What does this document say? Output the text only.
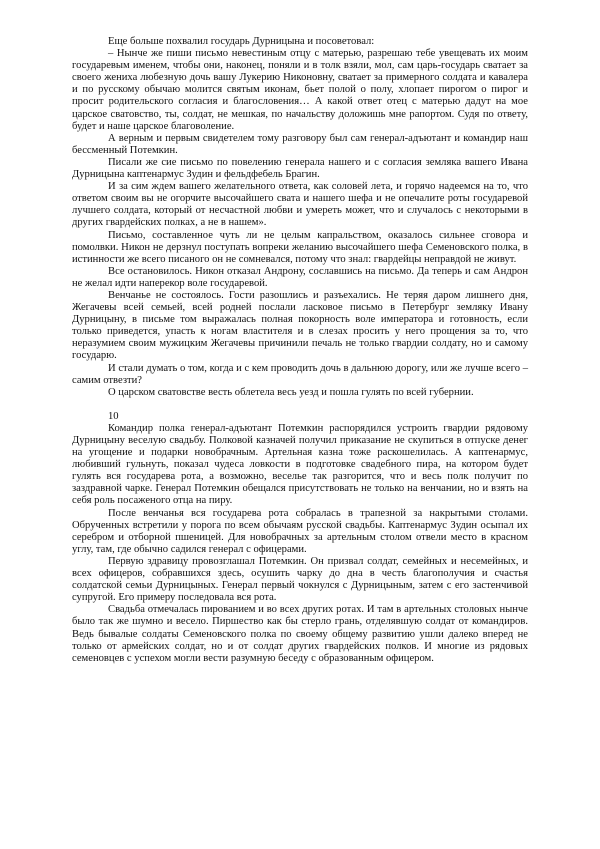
Еще больше похвалил государь Дурницына и посоветовал:

– Нынче же пиши письмо невестиным отцу с матерью, разрешаю тебе увещевать их моим государевым именем, чтобы они, наконец, поняли и в толк взяли, мол, сам царь-государь сватает за своего жениха любезную дочь вашу Лукерию Никоновну, сватает за примерного солдата и кавалера и по русскому обычаю молится святым иконам, бьет полой о полу, хлопает пирогом о пирог и просит родительского согласия и благословения… А какой ответ отец с матерью дадут на мое царское сватовство, ты, солдат, не мешкая, по начальству доложишь мне рапортом. Судя по ответу, будет и наше царское благоволение.

А верным и первым свидетелем тому разговору был сам генерал-адъютант и командир наш бессменный Потемкин.

Писали же сие письмо по повелению генерала нашего и с согласия земляка вашего Ивана Дурницына каптенармус Зудин и фельдфебель Брагин.

И за сим ждем вашего желательного ответа, как соловей лета, и горячо надеемся на то, что ответом своим вы не огорчите высочайшего свата и нашего шефа и не опечалите роты государевой лучшего солдата, который от несчастной любви и умереть может, что и случалось с некоторыми в других гвардейских полках, а не в нашем».

Письмо, составленное чуть ли не целым капральством, оказалось сильнее сговора и помолвки. Никон не дерзнул поступать вопреки желанию высочайшего шефа Семеновского полка, в истинности же всего писаного он не сомневался, потому что знал: гвардейцы неправдой не живут.

Все остановилось. Никон отказал Андрону, сославшись на письмо. Да теперь и сам Андрон не желал идти наперекор воле государевой.

Венчанье не состоялось. Гости разошлись и разъехались. Не теряя даром лишнего дня, Жегачевы всей семьей, всей родней послали ласковое письмо в Петербург земляку Ивану Дурницыну, в письме том выражалась полная покорность воле императора и готовность, если только приведется, упасть к ногам властителя и в слезах просить у него прощения за то, что неразумием своим мужицким Жегачевы причинили печаль не только гвардии солдату, но и самому государю.

И стали думать о том, когда и с кем проводить дочь в дальнюю дорогу, или же лучше всего – самим отвезти?

О царском сватовстве весть облетела весь уезд и пошла гулять по всей губернии.

10

Командир полка генерал-адъютант Потемкин распорядился устроить гвардии рядовому Дурницыну веселую свадьбу. Полковой казначей получил приказание не скупиться в отпуске денег на угощение и подарки новобрачным. Артельная казна тоже раскошелилась. А каптенармус, любивший гульнуть, показал чудеса ловкости в подготовке свадебного пира, на котором будет гулять вся государева рота, а возможно, веселье так разгорится, что и весь полк получит по заздравной чарке. Генерал Потемкин обещался присутствовать не только на венчании, но и взять на себя роль посаженого отца на пиру.

После венчанья вся государева рота собралась в трапезной за накрытыми столами. Обрученных встретили у порога по всем обычаям русской свадьбы. Каптенармус Зудин осыпал их серебром и отборной пшеницей. Для новобрачных за артельным столом отвели место в красном углу, там, где обычно садился генерал с офицерами.

Первую здравицу провозглашал Потемкин. Он призвал солдат, семейных и несемейных, и всех офицеров, собравшихся здесь, осушить чарку до дна в честь благополучия и счастья солдатской семьи Дурницыных. Генерал первый чокнулся с Дурницыным, затем с его застенчивой супругой. Его примеру последовала вся рота.

Свадьба отмечалась пированием и во всех других ротах. И там в артельных столовых нынче было так же шумно и весело. Пиршество как бы стерло грань, отделявшую солдат от командиров. Ведь бывалые солдаты Семеновского полка по своему общему развитию ушли далеко вперед не только от армейских солдат, но и от солдат других гвардейских полков. И многие из рядовых семеновцев с успехом могли вести разумную беседу с образованным офицером.
